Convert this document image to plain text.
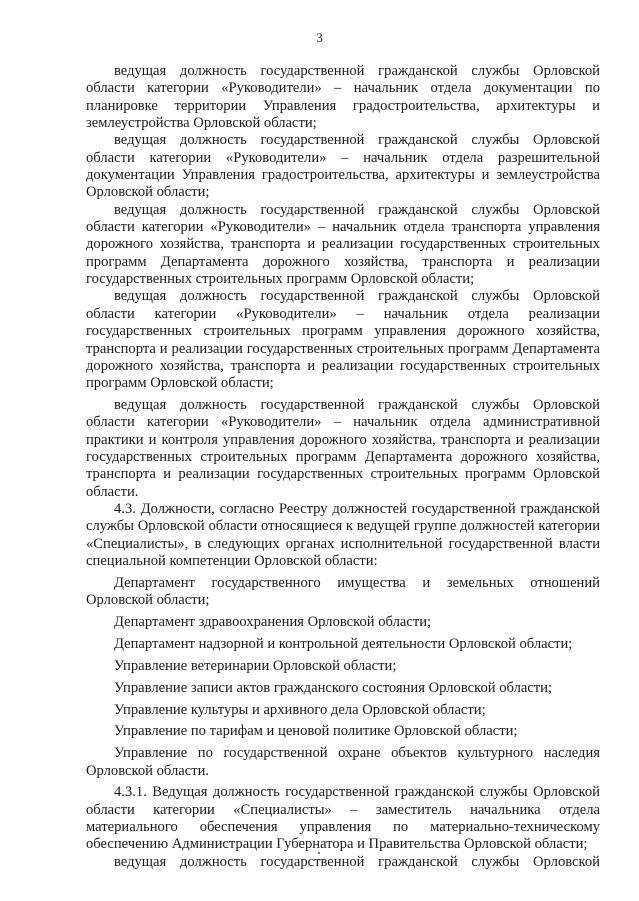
3

ведущая должность государственной гражданской службы Орловской области категории «Руководители» – начальник отдела документации по планировке территории Управления градостроительства, архитектуры и землеустройства Орловской области;

ведущая должность государственной гражданской службы Орловской области категории «Руководители» – начальник отдела разрешительной документации Управления градостроительства, архитектуры и землеустройства Орловской области;

ведущая должность государственной гражданской службы Орловской области категории «Руководители» – начальник отдела транспорта управления дорожного хозяйства, транспорта и реализации государственных строительных программ Департамента дорожного хозяйства, транспорта и реализации государственных строительных программ Орловской области;

ведущая должность государственной гражданской службы Орловской области категории «Руководители» – начальник отдела реализации государственных строительных программ управления дорожного хозяйства, транспорта и реализации государственных строительных программ Департамента дорожного хозяйства, транспорта и реализации государственных строительных программ Орловской области;

ведущая должность государственной гражданской службы Орловской области категории «Руководители» – начальник отдела административной практики и контроля управления дорожного хозяйства, транспорта и реализации государственных строительных программ Департамента дорожного хозяйства, транспорта и реализации государственных строительных программ Орловской области.

4.3. Должности, согласно Реестру должностей государственной гражданской службы Орловской области относящиеся к ведущей группе должностей категории «Специалисты», в следующих органах исполнительной государственной власти специальной компетенции Орловской области:

Департамент государственного имущества и земельных отношений Орловской области;

Департамент здравоохранения Орловской области;

Департамент надзорной и контрольной деятельности Орловской области;

Управление ветеринарии Орловской области;

Управление записи актов гражданского состояния Орловской области;

Управление культуры и архивного дела Орловской области;

Управление по тарифам и ценовой политике Орловской области;

Управление по государственной охране объектов культурного наследия Орловской области.

4.3.1. Ведущая должность государственной гражданской службы Орловской области категории «Специалисты» – заместитель начальника отдела материального обеспечения управления по материально-техническому обеспечению Администрации Губернатора и Правительства Орловской области;

ведущая должность государственной гражданской службы Орловской
